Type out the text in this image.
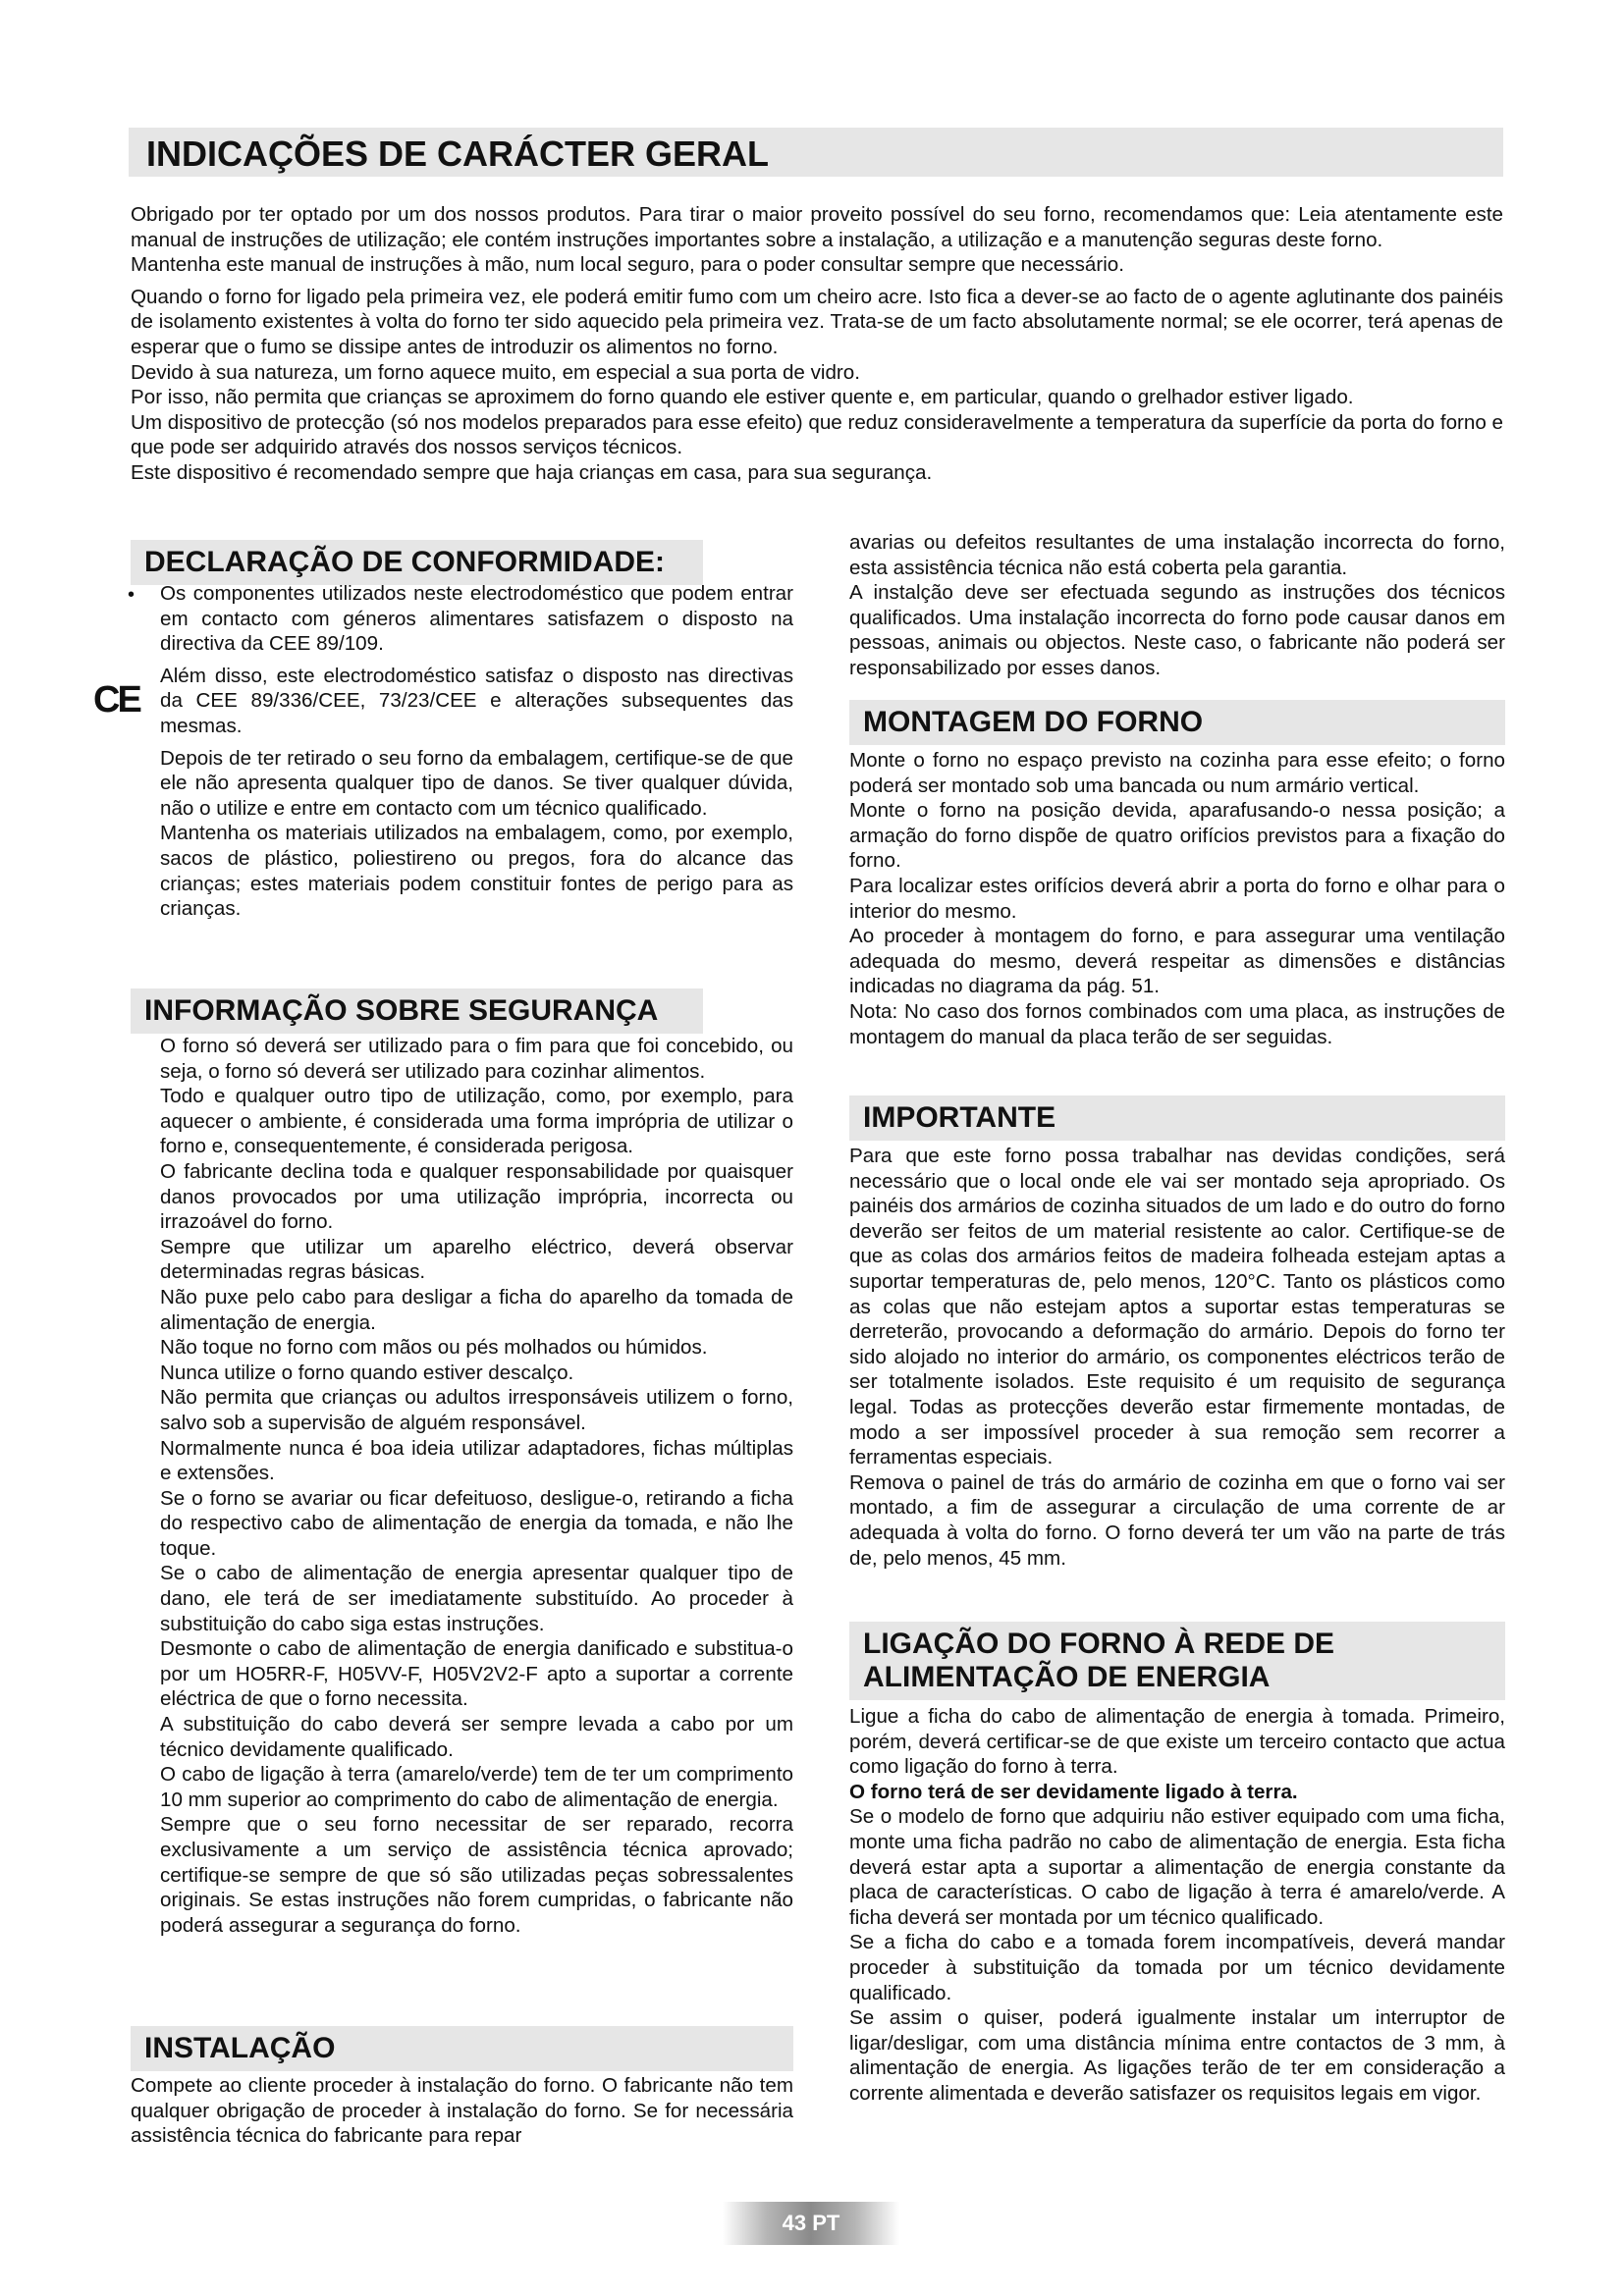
INDICAÇÕES DE CARÁCTER GERAL

Obrigado por ter optado por um dos nossos produtos. Para tirar o maior proveito possível do seu forno, recomendamos que: Leia atentamente este manual de instruções de utilização; ele contém instruções importantes sobre a instalação, a utilização e a manutenção seguras deste forno.

Mantenha este manual de instruções à mão, num local seguro, para o poder consultar sempre que necessário.

Quando o forno for ligado pela primeira vez, ele poderá emitir fumo com um cheiro acre. Isto fica a dever-se ao facto de o agente aglutinante dos painéis de isolamento existentes à volta do forno ter sido aquecido pela primeira vez. Trata-se de um facto absolutamente normal; se ele ocorrer, terá apenas de esperar que o fumo se dissipe antes de introduzir os alimentos no forno.

Devido à sua natureza, um forno aquece muito, em especial a sua porta de vidro.

Por isso, não permita que crianças se aproximem do forno quando ele estiver quente e, em particular, quando o grelhador estiver ligado.

Um dispositivo de protecção (só nos modelos preparados para esse efeito) que reduz consideravelmente a temperatura da superfície da porta do forno e que pode ser adquirido através dos nossos serviços técnicos.

Este dispositivo é recomendado sempre que haja crianças em casa, para sua segurança.

DECLARAÇÃO DE CONFORMIDADE:
•
CE

Os componentes utilizados neste electrodoméstico que podem entrar em contacto com géneros alimentares satisfazem o disposto na directiva da CEE 89/109.

Além disso, este electrodoméstico satisfaz o disposto nas directivas da CEE 89/336/CEE, 73/23/CEE e alterações subsequentes das mesmas.

Depois de ter retirado o seu forno da embalagem, certifique-se de que ele não apresenta qualquer tipo de danos. Se tiver qualquer dúvida, não o utilize e entre em contacto com um técnico qualificado.

Mantenha os materiais utilizados na embalagem, como, por exemplo, sacos de plástico, poliestireno ou pregos, fora do alcance das crianças; estes materiais podem constituir fontes de perigo para as crianças.

INFORMAÇÃO SOBRE SEGURANÇA

O forno só deverá ser utilizado para o fim para que foi concebido, ou seja, o forno só deverá ser utilizado para cozinhar alimentos.

Todo e qualquer outro tipo de utilização, como, por exemplo, para aquecer o ambiente, é considerada uma forma imprópria de utilizar o forno e, consequentemente, é considerada perigosa.

O fabricante declina toda e qualquer responsabilidade por quaisquer danos provocados por uma utilização imprópria, incorrecta ou irrazoável do forno.

Sempre que utilizar um aparelho eléctrico, deverá observar determinadas regras básicas.

Não puxe pelo cabo para desligar a ficha do aparelho da tomada de alimentação de energia.

Não toque no forno com mãos ou pés molhados ou húmidos.

Nunca utilize o forno quando estiver descalço.

Não permita que crianças ou adultos irresponsáveis utilizem o forno, salvo sob a supervisão de alguém responsável.

Normalmente nunca é boa ideia utilizar adaptadores, fichas múltiplas e extensões.

Se o forno se avariar ou ficar defeituoso, desligue-o, retirando a ficha do respectivo cabo de alimentação de energia da tomada, e não lhe toque.

Se o cabo de alimentação de energia apresentar qualquer tipo de dano, ele terá de ser imediatamente substituído. Ao proceder à substituição do cabo siga estas instruções.

Desmonte o cabo de alimentação de energia danificado e substitua-o por um HO5RR-F, H05VV-F, H05V2V2-F apto a suportar a corrente eléctrica de que o forno necessita.

A substituição do cabo deverá ser sempre levada a cabo por um técnico devidamente qualificado.

O cabo de ligação à terra (amarelo/verde) tem de ter um comprimento 10 mm superior ao comprimento do cabo de alimentação de energia.

Sempre que o seu forno necessitar de ser reparado, recorra exclusivamente a um serviço de assistência técnica aprovado; certifique-se sempre de que só são utilizadas peças sobressalentes originais. Se estas instruções não forem cumpridas, o fabricante não poderá assegurar a segurança do forno.

INSTALAÇÃO

Compete ao cliente proceder à instalação do forno. O fabricante não tem qualquer obrigação de proceder à instalação do forno. Se for necessária assistência técnica do fabricante para repar

avarias ou defeitos resultantes de uma instalação incorrecta do forno, esta assistência técnica não está coberta pela garantia.

A instalção deve ser efectuada segundo as instruções dos técnicos qualificados. Uma instalação incorrecta do forno pode causar danos em pessoas, animais ou objectos. Neste caso, o fabricante não poderá ser responsabilizado por esses danos.

MONTAGEM DO FORNO

Monte o forno no espaço previsto na cozinha para esse efeito; o forno poderá ser montado sob uma bancada ou num armário vertical.

Monte o forno na posição devida, aparafusando-o nessa posição; a armação do forno dispõe de quatro orifícios previstos para a fixação do forno.

Para localizar estes orifícios deverá abrir a porta do forno e olhar para o interior do mesmo.

Ao proceder à montagem do forno, e para assegurar uma ventilação adequada do mesmo, deverá respeitar as dimensões e distâncias indicadas no diagrama da pág. 51.

Nota: No caso dos fornos combinados com uma placa, as instruções de montagem do manual da placa terão de ser seguidas.

IMPORTANTE

Para que este forno possa trabalhar nas devidas condições, será necessário que o local onde ele vai ser montado seja apropriado. Os painéis dos armários de cozinha situados de um lado e do outro do forno deverão ser feitos de um material resistente ao calor. Certifique-se de que as colas dos armários feitos de madeira folheada estejam aptas a suportar temperaturas de, pelo menos, 120°C. Tanto os plásticos como as colas que não estejam aptos a suportar estas temperaturas se derreterão, provocando a deformação do armário. Depois do forno ter sido alojado no interior do armário, os componentes eléctricos terão de ser totalmente isolados. Este requisito é um requisito de segurança legal. Todas as protecções deverão estar firmemente montadas, de modo a ser impossível proceder à sua remoção sem recorrer a ferramentas especiais.

Remova o painel de trás do armário de cozinha em que o forno vai ser montado, a fim de assegurar a circulação de uma corrente de ar adequada à volta do forno. O forno deverá ter um vão na parte de trás de, pelo menos, 45 mm.

LIGAÇÃO DO FORNO À REDE DE
ALIMENTAÇÃO DE ENERGIA

Ligue a ficha do cabo de alimentação de energia à tomada. Primeiro, porém, deverá certificar-se de que existe um terceiro contacto que actua como ligação do forno à terra.

O forno terá de ser devidamente ligado à terra.

Se o modelo de forno que adquiriu não estiver equipado com uma ficha, monte uma ficha padrão no cabo de alimentação de energia. Esta ficha deverá estar apta a suportar a alimentação de energia constante da placa de características. O cabo de ligação à terra é amarelo/verde. A ficha deverá ser montada por um técnico qualificado.

Se a ficha do cabo e a tomada forem incompatíveis, deverá mandar proceder à substituição da tomada por um técnico devidamente qualificado.

Se assim o quiser, poderá igualmente instalar um interruptor de ligar/desligar, com uma distância mínima entre contactos de 3 mm, à alimentação de energia. As ligações terão de ter em consideração a corrente alimentada e deverão satisfazer os requisitos legais em vigor.

43 PT
